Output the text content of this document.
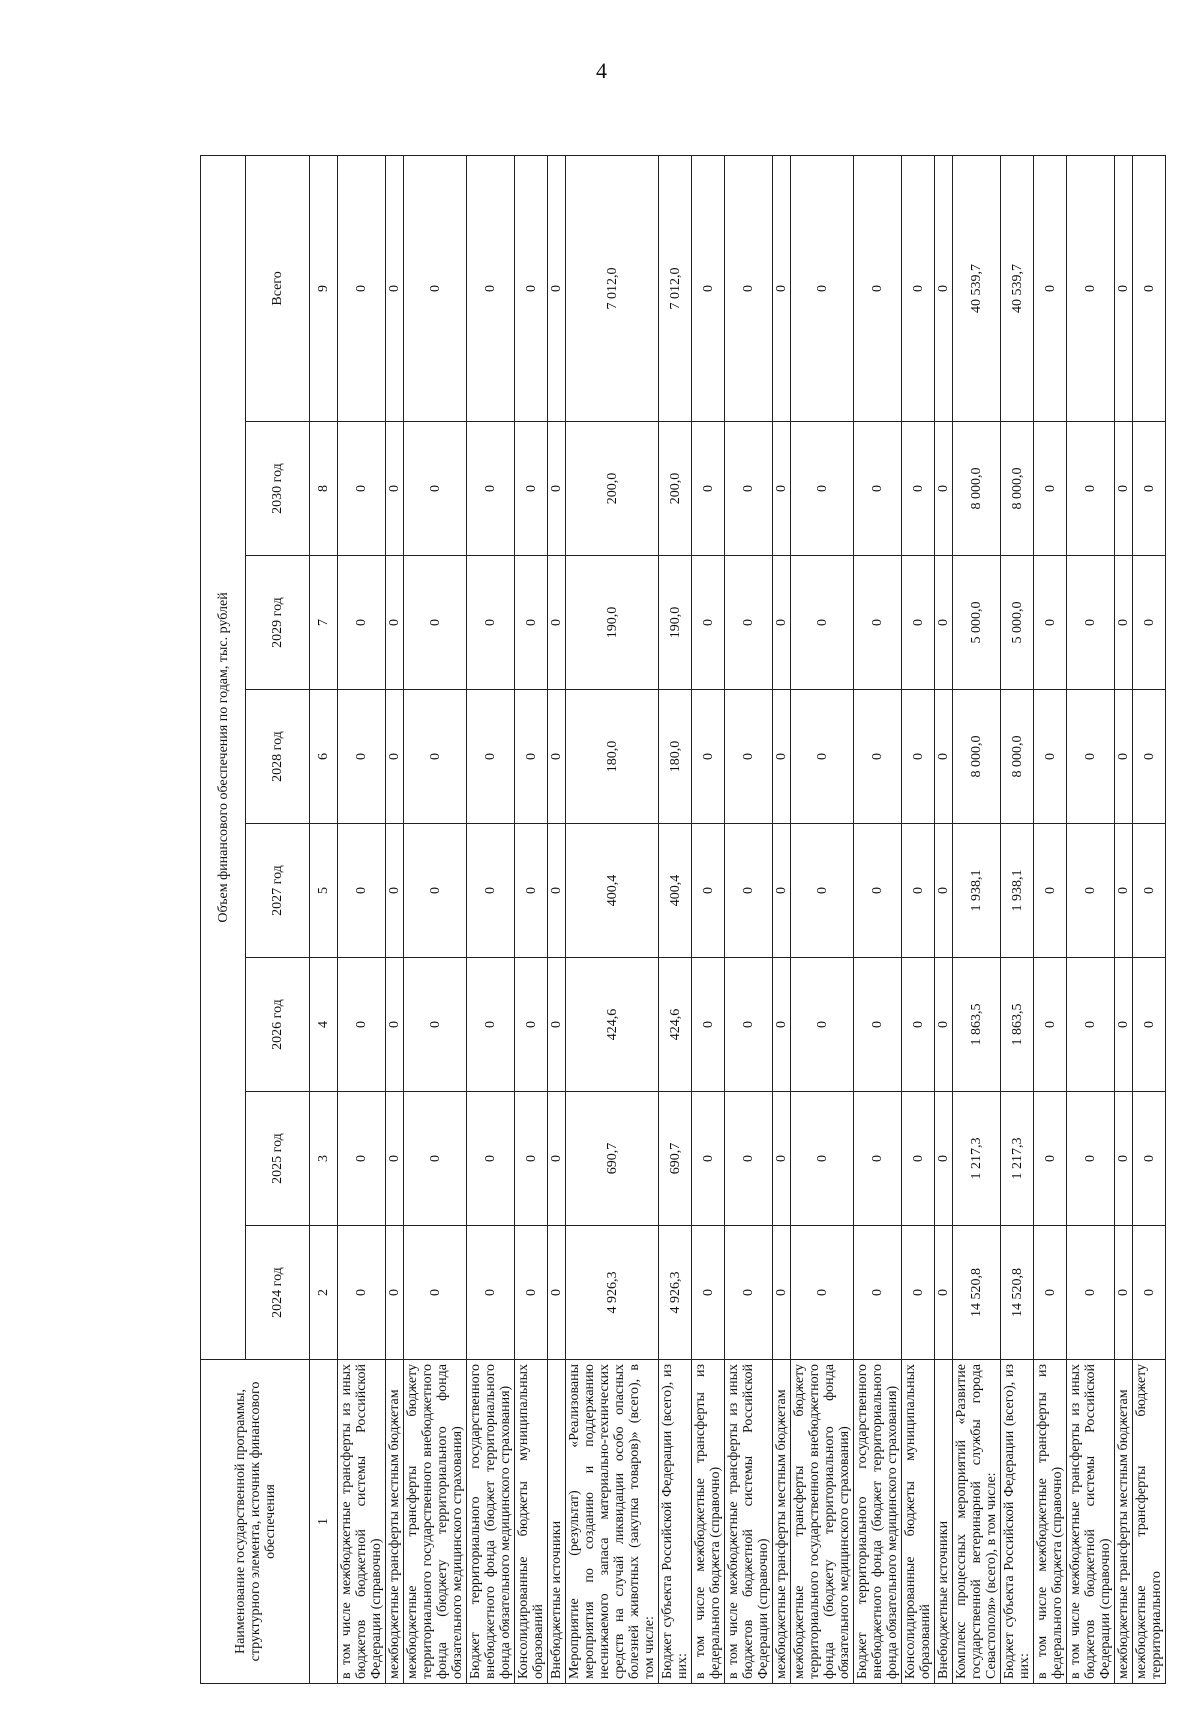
4
Наименование государственной программы, структурного элемента, источник финансового обеспечения	Объем финансового обеспечения по годам, тыс. рублей							
	2024 год	2025 год	2026 год	2027 год	2028 год	2029 год	2030 год	Всего
1	2	3	4	5	6	7	8	9
в том числе межбюджетные трансферты из иных бюджетов бюджетной системы Российской Федерации (справочно)	0	0	0	0	0	0	0	0
межбюджетные трансферты местным бюджетам	0	0	0	0	0	0	0	0
межбюджетные трансферты бюджету территориального государственного внебюджетного фонда (бюджету территориального фонда обязательного медицинского страхования)	0	0	0	0	0	0	0	0
Бюджет территориального государственного внебюджетного фонда (бюджет территориального фонда обязательного медицинского страхования)	0	0	0	0	0	0	0	0
Консолидированные бюджеты муниципальных образований	0	0	0	0	0	0	0	0
Внебюджетные источники	0	0	0	0	0	0	0	0
Мероприятие (результат) «Реализованы мероприятия по созданию и поддержанию неснижаемого запаса материально-технических средств на случай ликвидации особо опасных болезней животных (закупка товаров)» (всего), в том числе:	4 926,3	690,7	424,6	400,4	180,0	190,0	200,0	7 012,0
Бюджет субъекта Российской Федерации (всего), из них:	4 926,3	690,7	424,6	400,4	180,0	190,0	200,0	7 012,0
в том числе межбюджетные трансферты из федерального бюджета (справочно)	0	0	0	0	0	0	0	0
в том числе межбюджетные трансферты из иных бюджетов бюджетной системы Российской Федерации (справочно)	0	0	0	0	0	0	0	0
межбюджетные трансферты местным бюджетам	0	0	0	0	0	0	0	0
межбюджетные трансферты бюджету территориального государственного внебюджетного фонда (бюджету территориального фонда обязательного медицинского страхования)	0	0	0	0	0	0	0	0
Бюджет территориального государственного внебюджетного фонда (бюджет территориального фонда обязательного медицинского страхования)	0	0	0	0	0	0	0	0
Консолидированные бюджеты муниципальных образований	0	0	0	0	0	0	0	0
Внебюджетные источники	0	0	0	0	0	0	0	0
Комплекс процессных мероприятий «Развитие государственной ветеринарной службы города Севастополя» (всего), в том числе:	14 520,8	1 217,3	1 863,5	1 938,1	8 000,0	5 000,0	8 000,0	40 539,7
Бюджет субъекта Российской Федерации (всего), из них:	14 520,8	1 217,3	1 863,5	1 938,1	8 000,0	5 000,0	8 000,0	40 539,7
в том числе межбюджетные трансферты из федерального бюджета (справочно)	0	0	0	0	0	0	0	0
в том числе межбюджетные трансферты из иных бюджетов бюджетной системы Российской Федерации (справочно)	0	0	0	0	0	0	0	0
межбюджетные трансферты местным бюджетам	0	0	0	0	0	0	0	0
межбюджетные трансферты бюджету территориального	0	0	0	0	0	0	0	0
